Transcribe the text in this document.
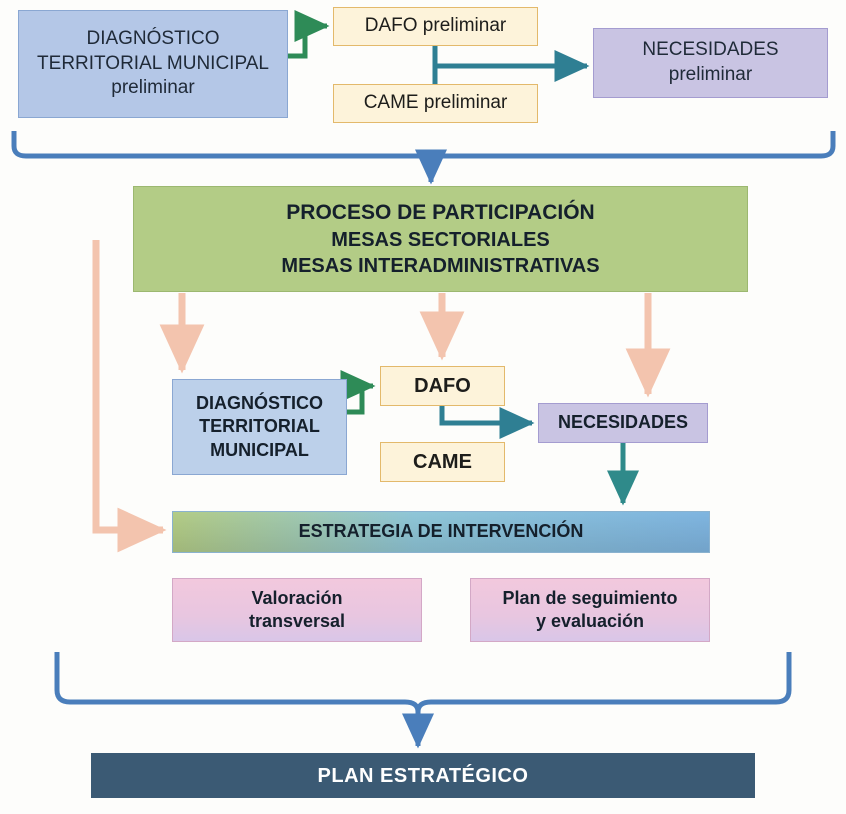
DIAGNÓSTICO
TERRITORIAL MUNICIPAL
preliminar
DAFO preliminar
CAME preliminar
NECESIDADES
preliminar
PROCESO DE PARTICIPACIÓN
MESAS SECTORIALES
MESAS INTERADMINISTRATIVAS
DIAGNÓSTICO
TERRITORIAL
MUNICIPAL
DAFO
CAME
NECESIDADES
ESTRATEGIA DE INTERVENCIÓN
Valoración
transversal
Plan de seguimiento
y evaluación
PLAN ESTRATÉGICO
